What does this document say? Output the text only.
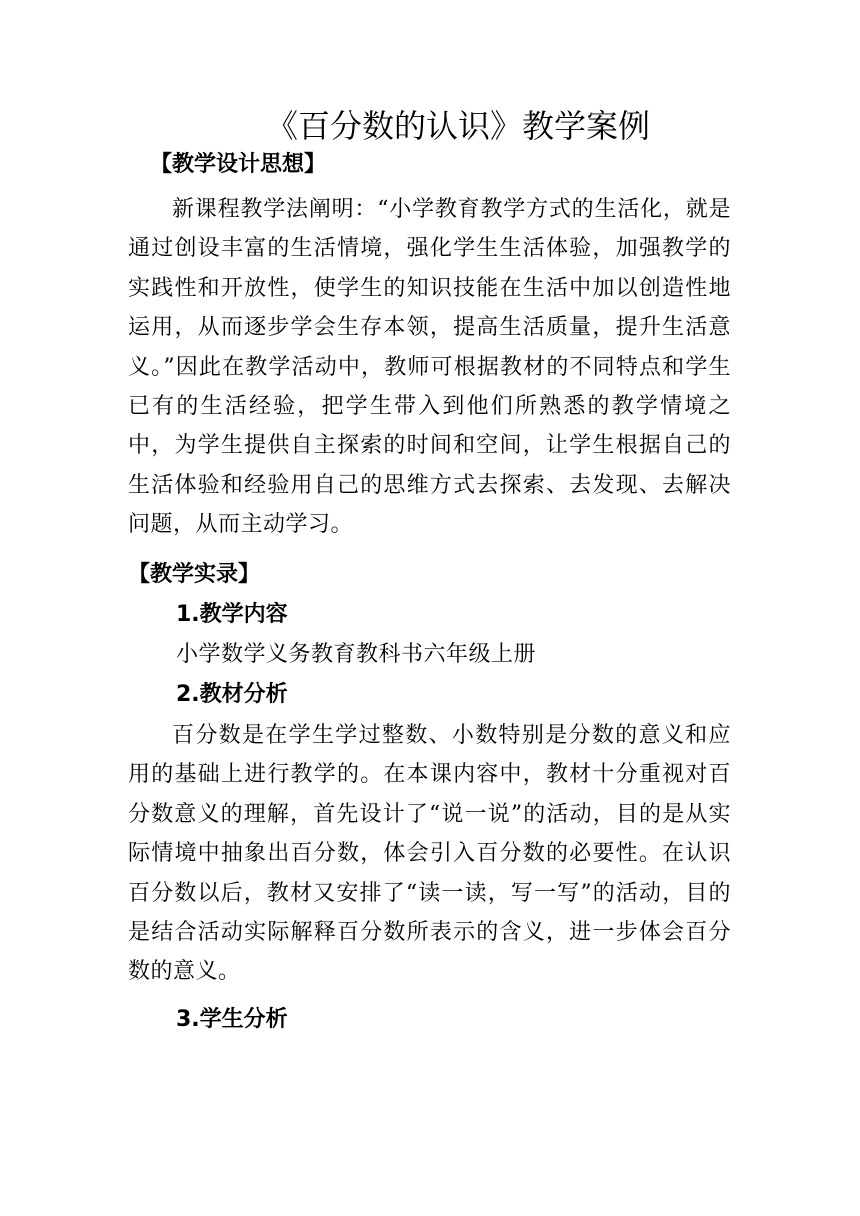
《百分数的认识》教学案例
【教学设计思想】
新课程教学法阐明：“小学教育教学方式的生活化，就是通过创设丰富的生活情境，强化学生生活体验，加强教学的实践性和开放性，使学生的知识技能在生活中加以创造性地运用，从而逐步学会生存本领，提高生活质量，提升生活意义。”因此在教学活动中，教师可根据教材的不同特点和学生已有的生活经验，把学生带入到他们所熟悉的教学情境之中，为学生提供自主探索的时间和空间，让学生根据自己的生活体验和经验用自己的思维方式去探索、去发现、去解决问题，从而主动学习。
【教学实录】
1.教学内容
小学数学义务教育教科书六年级上册
2.教材分析
百分数是在学生学过整数、小数特别是分数的意义和应用的基础上进行教学的。在本课内容中，教材十分重视对百分数意义的理解，首先设计了“说一说”的活动，目的是从实际情境中抽象出百分数，体会引入百分数的必要性。在认识百分数以后，教材又安排了“读一读，写一写”的活动，目的是结合活动实际解释百分数所表示的含义，进一步体会百分数的意义。
3.学生分析
